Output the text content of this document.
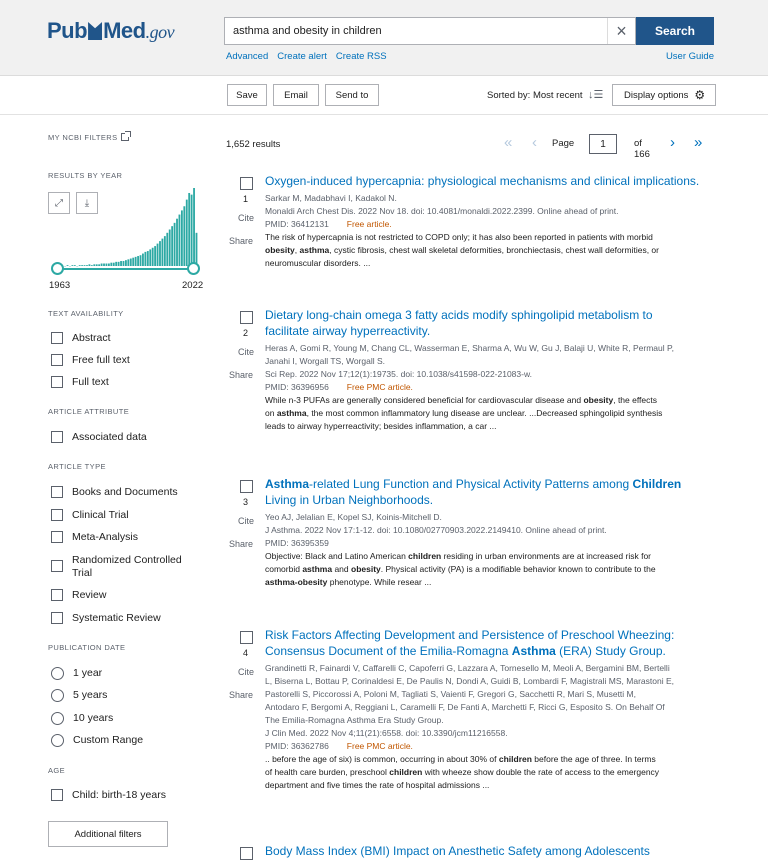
Pub Med.gov
asthma and obesity in children	×	Search
Advanced Create alert Create RSS	User Guide
Save	Email	Send to	Sorted by: Most recent ↓☰ Display options ⚙
MY NCBI FILTERS
RESULTS BY YEAR
⤢	⤓
1963	2022
TEXT AVAILABILITY
Abstract
Free full text
Full text
ARTICLE ATTRIBUTE
Associated data
ARTICLE TYPE
Books and Documents
Clinical Trial
Meta-Analysis
Randomized Controlled Trial
Review
Systematic Review
PUBLICATION DATE
1 year
5 years
10 years
Custom Range
AGE
Child: birth-18 years
Additional filters
1,652 results	« ‹ Page	1	of 166
› »
1
Cite
Share
Oxygen-induced hypercapnia: physiological mechanisms and clinical implications.
Sarkar M, Madabhavi I, Kadakol N.
Monaldi Arch Chest Dis. 2022 Nov 18. doi: 10.4081/monaldi.2022.2399. Online ahead of print.
PMID: 36412131 Free article.
The risk of hypercapnia is not restricted to COPD only; it has also been reported in patients with morbid
obesity, asthma, cystic fibrosis, chest wall skeletal deformities, bronchiectasis, chest wall deformities, or
neuromuscular disorders. ...
2
Cite
Share
Dietary long-chain omega 3 fatty acids modify sphingolipid metabolism to
facilitate airway hyperreactivity.
Heras A, Gomi R, Young M, Chang CL, Wasserman E, Sharma A, Wu W, Gu J, Balaji U, White R, Permaul P,
Janahi I, Worgall TS, Worgall S.
Sci Rep. 2022 Nov 17;12(1):19735. doi: 10.1038/s41598-022-21083-w.
PMID: 36396956 Free PMC article.
While n-3 PUFAs are generally considered beneficial for cardiovascular disease and obesity, the effects
on asthma, the most common inflammatory lung disease are unclear. ...Decreased sphingolipid synthesis
leads to airway hyperreactivity; besides inflammation, a car ...
3
Cite
Share
Asthma-related Lung Function and Physical Activity Patterns among Children
Living in Urban Neighborhoods.
Yeo AJ, Jelalian E, Kopel SJ, Koinis-Mitchell D.
J Asthma. 2022 Nov 17:1-12. doi: 10.1080/02770903.2022.2149410. Online ahead of print.
PMID: 36395359
Objective: Black and Latino American children residing in urban environments are at increased risk for
comorbid asthma and obesity. Physical activity (PA) is a modifiable behavior known to contribute to the
asthma-obesity phenotype. While resear ...
4
Cite
Share
Risk Factors Affecting Development and Persistence of Preschool Wheezing:
Consensus Document of the Emilia-Romagna Asthma (ERA) Study Group.
Grandinetti R, Fainardi V, Caffarelli C, Capoferri G, Lazzara A, Tornesello M, Meoli A, Bergamini BM, Bertelli
L, Biserna L, Bottau P, Corinaldesi E, De Paulis N, Dondi A, Guidi B, Lombardi F, Magistrali MS, Marastoni E,
Pastorelli S, Piccorossi A, Poloni M, Tagliati S, Vaienti F, Gregori G, Sacchetti R, Mari S, Musetti M,
Antodaro F, Bergomi A, Reggiani L, Caramelli F, De Fanti A, Marchetti F, Ricci G, Esposito S. On Behalf Of
The Emilia-Romagna Asthma Era Study Group.
J Clin Med. 2022 Nov 4;11(21):6558. doi: 10.3390/jcm11216558.
PMID: 36362786 Free PMC article.
.. before the age of six) is common, occurring in about 30% of children before the age of three. In terms
of health care burden, preschool children with wheeze show double the rate of access to the emergency
department and five times the rate of hospital admissions ...
Body Mass Index (BMI) Impact on Anesthetic Safety among Adolescents
